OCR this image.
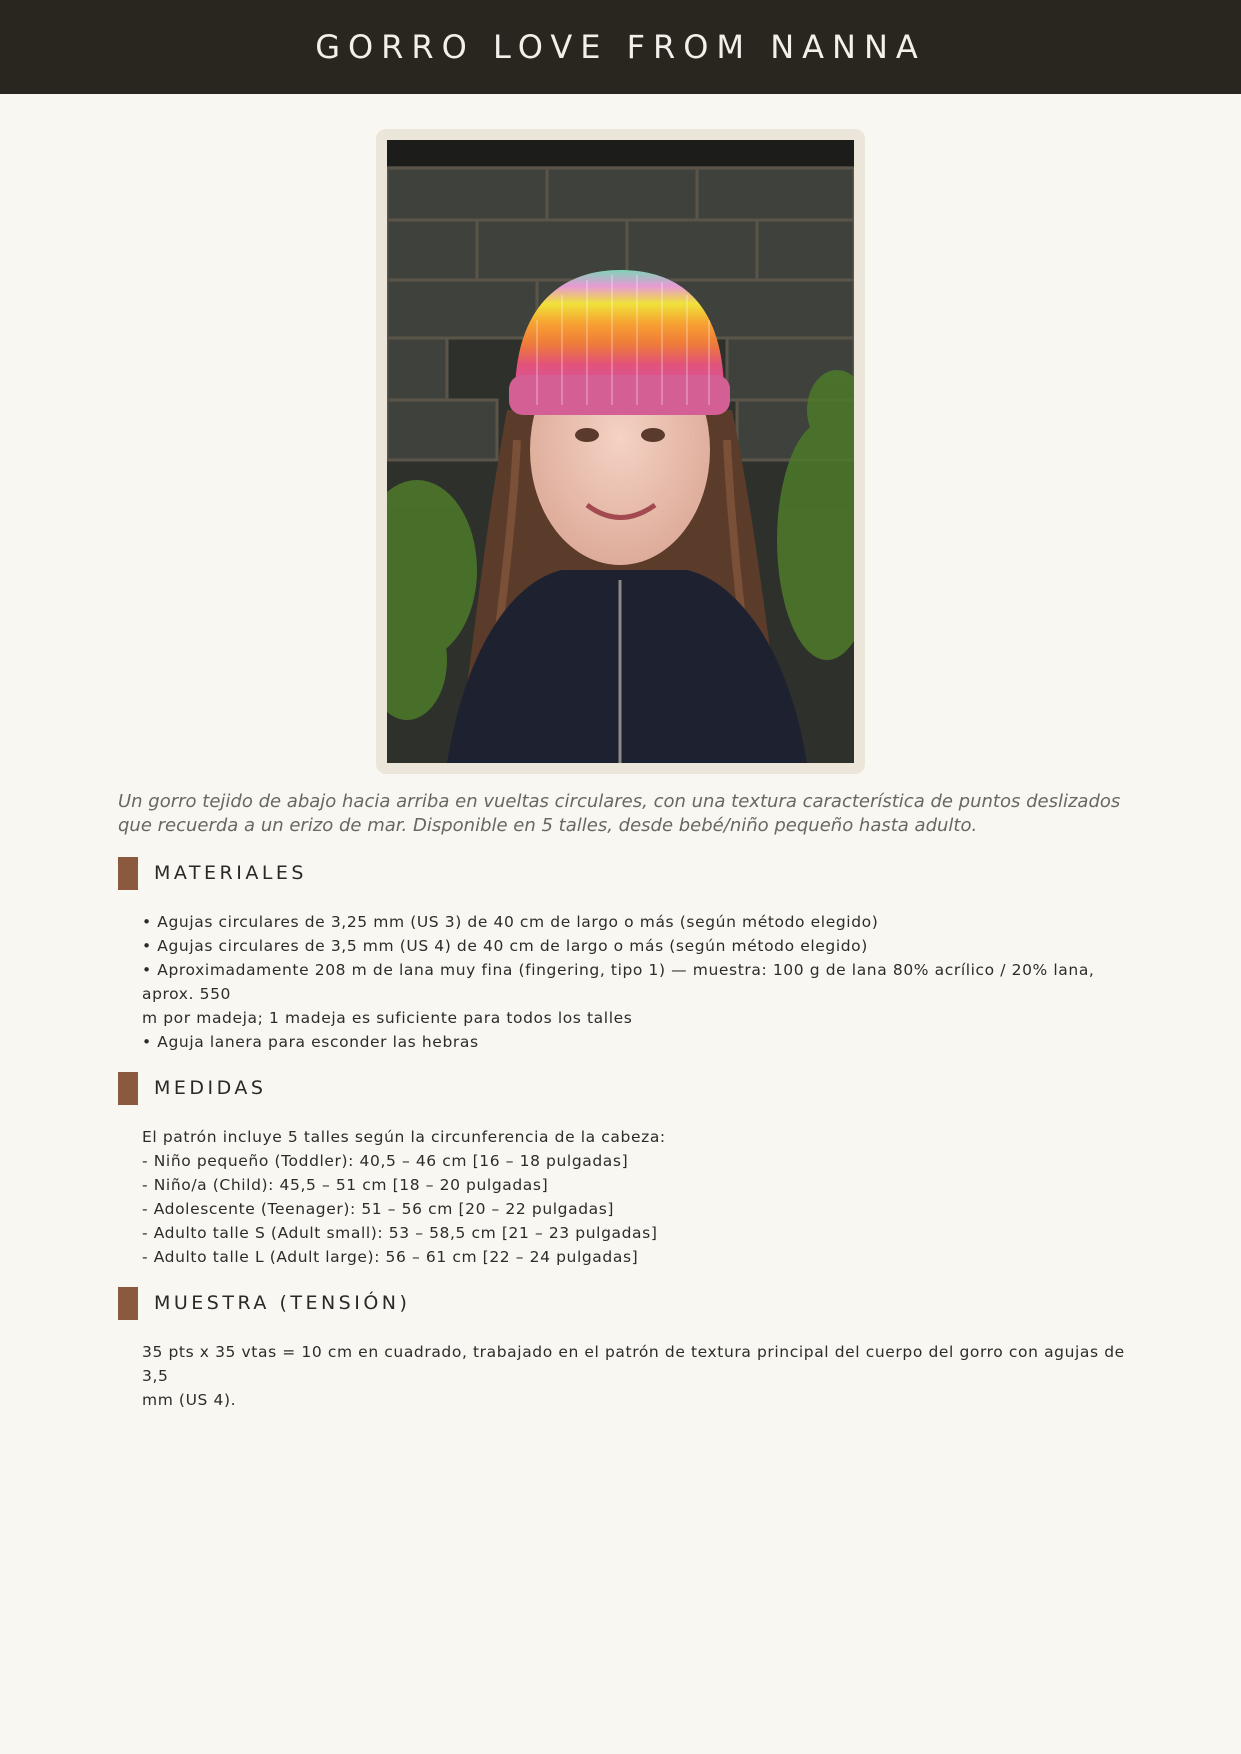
GORRO LOVE FROM NANNA

Un gorro tejido de abajo hacia arriba en vueltas circulares, con una textura característica de puntos deslizados que recuerda a un erizo de mar. Disponible en 5 talles, desde bebé/niño pequeño hasta adulto.

MATERIALES
• Agujas circulares de 3,25 mm (US 3) de 40 cm de largo o más (según método elegido)
• Agujas circulares de 3,5 mm (US 4) de 40 cm de largo o más (según método elegido)
• Aproximadamente 208 m de lana muy fina (fingering, tipo 1) — muestra: 100 g de lana 80% acrílico / 20% lana, aprox. 550
m por madeja; 1 madeja es suficiente para todos los talles
• Aguja lanera para esconder las hebras
MEDIDAS
El patrón incluye 5 talles según la circunferencia de la cabeza:
- Niño pequeño (Toddler): 40,5 – 46 cm [16 – 18 pulgadas]
- Niño/a (Child): 45,5 – 51 cm [18 – 20 pulgadas]
- Adolescente (Teenager): 51 – 56 cm [20 – 22 pulgadas]
- Adulto talle S (Adult small): 53 – 58,5 cm [21 – 23 pulgadas]
- Adulto talle L (Adult large): 56 – 61 cm [22 – 24 pulgadas]
MUESTRA (TENSIÓN)
35 pts x 35 vtas = 10 cm en cuadrado, trabajado en el patrón de textura principal del cuerpo del gorro con agujas de 3,5
mm (US 4).
